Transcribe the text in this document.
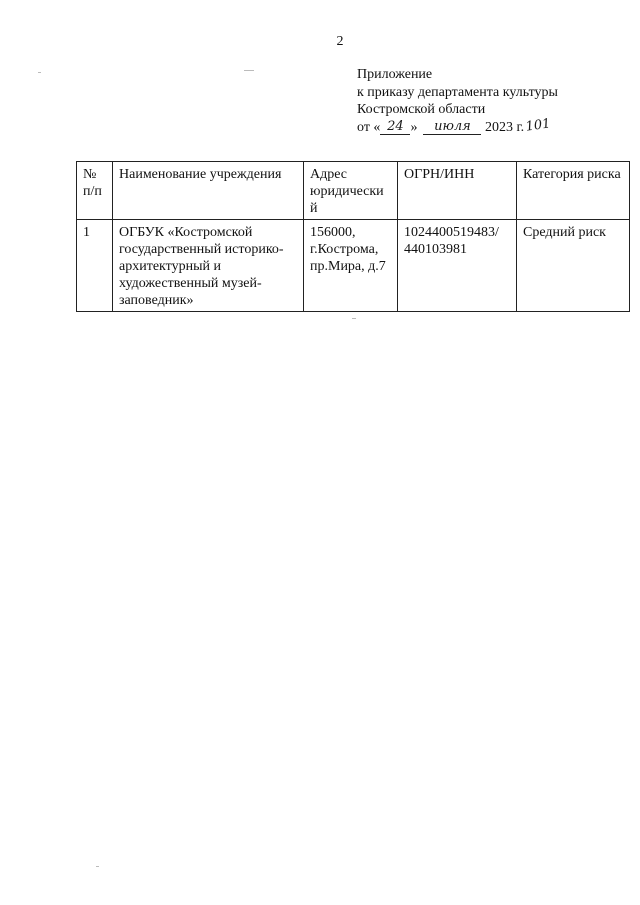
2
Приложение
к приказу департамента культуры
Костромской области
от « 24 » июля 2023 г.101
№ п/п	Наименование учреждения	Адрес юридически й	ОГРН/ИНН	Категория риска
1	ОГБУК «Костромской государственный историко-архитектурный и художественный музей-заповедник»	156000, г.Кострома, пр.Мира, д.7	1024400519483/ 440103981	Средний риск
